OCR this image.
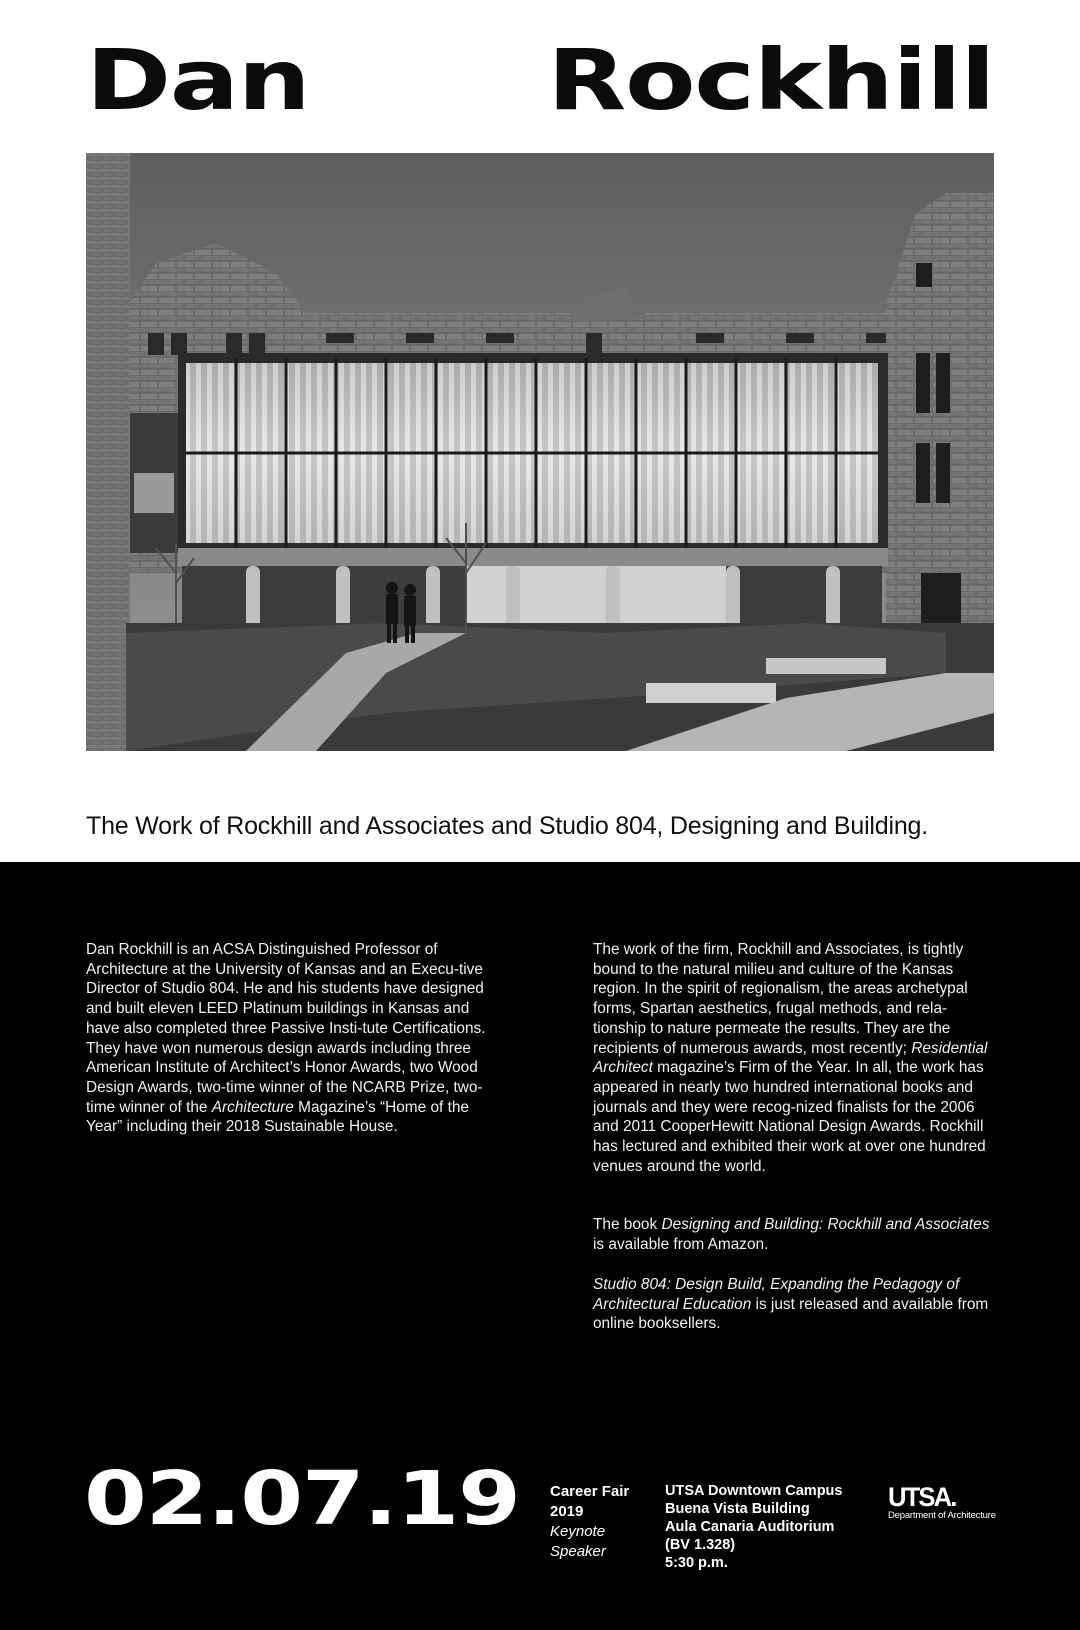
Dan	Rockhill
The Work of Rockhill and Associates and Studio 804, Designing and Building.

Dan Rockhill is an ACSA Distinguished Professor of Architecture at the University of Kansas and an Execu-tive Director of Studio 804. He and his students have designed and built eleven LEED Platinum buildings in Kansas and have also completed three Passive Insti-tute Certifications. They have won numerous design awards including three American Institute of Architect’s Honor Awards, two Wood Design Awards, two-time winner of the NCARB Prize, two-time winner of the Architecture Magazine’s “Home of the Year” including their 2018 Sustainable House.

The work of the firm, Rockhill and Associates, is tightly bound to the natural milieu and culture of the Kansas region. In the spirit of regionalism, the areas archetypal forms, Spartan aesthetics, frugal methods, and rela-tionship to nature permeate the results. They are the recipients of numerous awards, most recently; Residential Architect magazine’s Firm of the Year. In all, the work has appeared in nearly two hundred international books and journals and they were recog-nized finalists for the 2006 and 2011 CooperHewitt National Design Awards. Rockhill has lectured and exhibited their work at over one hundred venues around the world.

The book Designing and Building: Rockhill and Associates is available from Amazon.

Studio 804: Design Build, Expanding the Pedagogy of Architectural Education is just released and available from online booksellers.

02.07.19 Career Fair
2019
Keynote
Speaker
UTSA Downtown Campus
Buena Vista Building
Aula Canaria Auditorium
(BV 1.328)
5:30 p.m.
UTSA.
Department of Architecture
